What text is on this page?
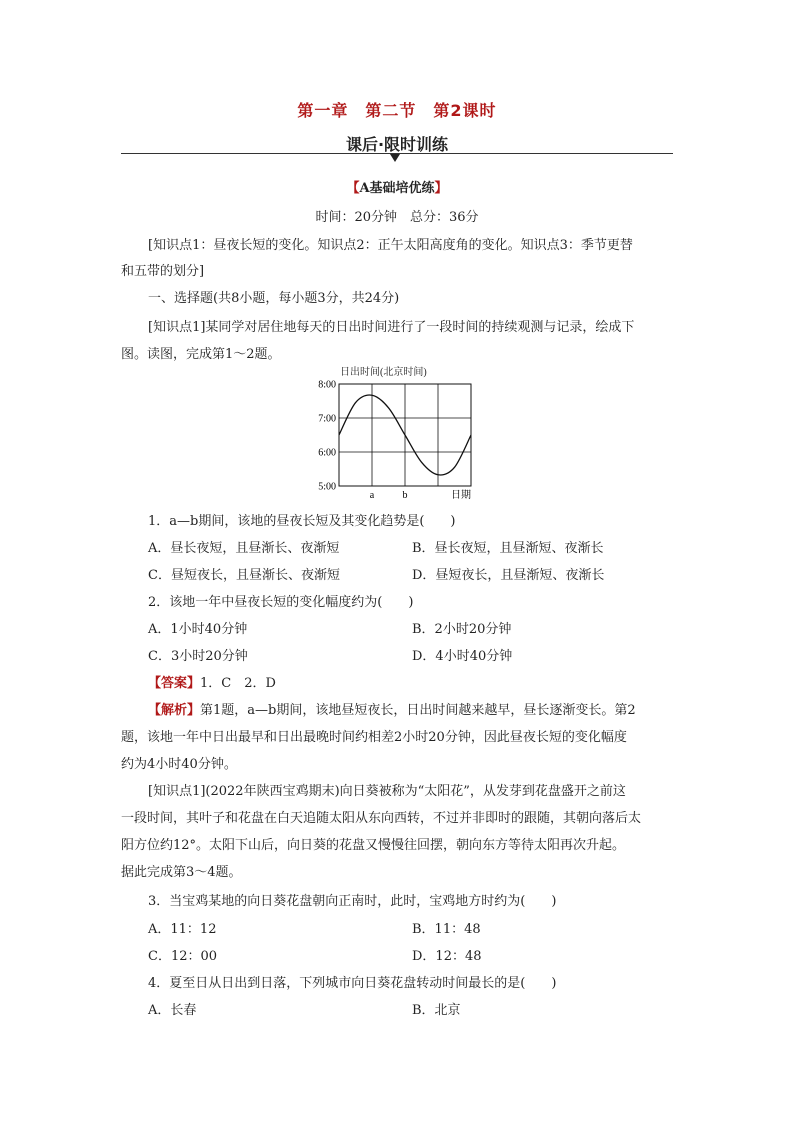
第一章　第二节　第2课时
课后·限时训练
【A基础培优练】
时间：20分钟　总分：36分
[知识点1：昼夜长短的变化。知识点2：正午太阳高度角的变化。知识点3：季节更替
和五带的划分]
一、选择题(共8小题，每小题3分，共24分)
[知识点1]某同学对居住地每天的日出时间进行了一段时间的持续观测与记录，绘成下
图。读图，完成第1～2题。
日出时间(北京时间)
8:00
7:00
6:00
5:00
a	b	日期
1．a—b期间，该地的昼夜长短及其变化趋势是(　　)
A．昼长夜短，且昼渐长、夜渐短	B．昼长夜短，且昼渐短、夜渐长
C．昼短夜长，且昼渐长、夜渐短	D．昼短夜长，且昼渐短、夜渐长
2．该地一年中昼夜长短的变化幅度约为(　　)
A．1小时40分钟	B．2小时20分钟
C．3小时20分钟	D．4小时40分钟
【答案】1．C　2．D
【解析】第1题，a—b期间，该地昼短夜长，日出时间越来越早，昼长逐渐变长。第2
题，该地一年中日出最早和日出最晚时间约相差2小时20分钟，因此昼夜长短的变化幅度
约为4小时40分钟。
[知识点1](2022年陕西宝鸡期末)向日葵被称为“太阳花”，从发芽到花盘盛开之前这
一段时间，其叶子和花盘在白天追随太阳从东向西转，不过并非即时的跟随，其朝向落后太
阳方位约12°。太阳下山后，向日葵的花盘又慢慢往回摆，朝向东方等待太阳再次升起。
据此完成第3～4题。
3．当宝鸡某地的向日葵花盘朝向正南时，此时，宝鸡地方时约为(　　)
A．11：12	B．11：48
C．12：00	D．12：48
4．夏至日从日出到日落，下列城市向日葵花盘转动时间最长的是(　　)
A．长春	B．北京
